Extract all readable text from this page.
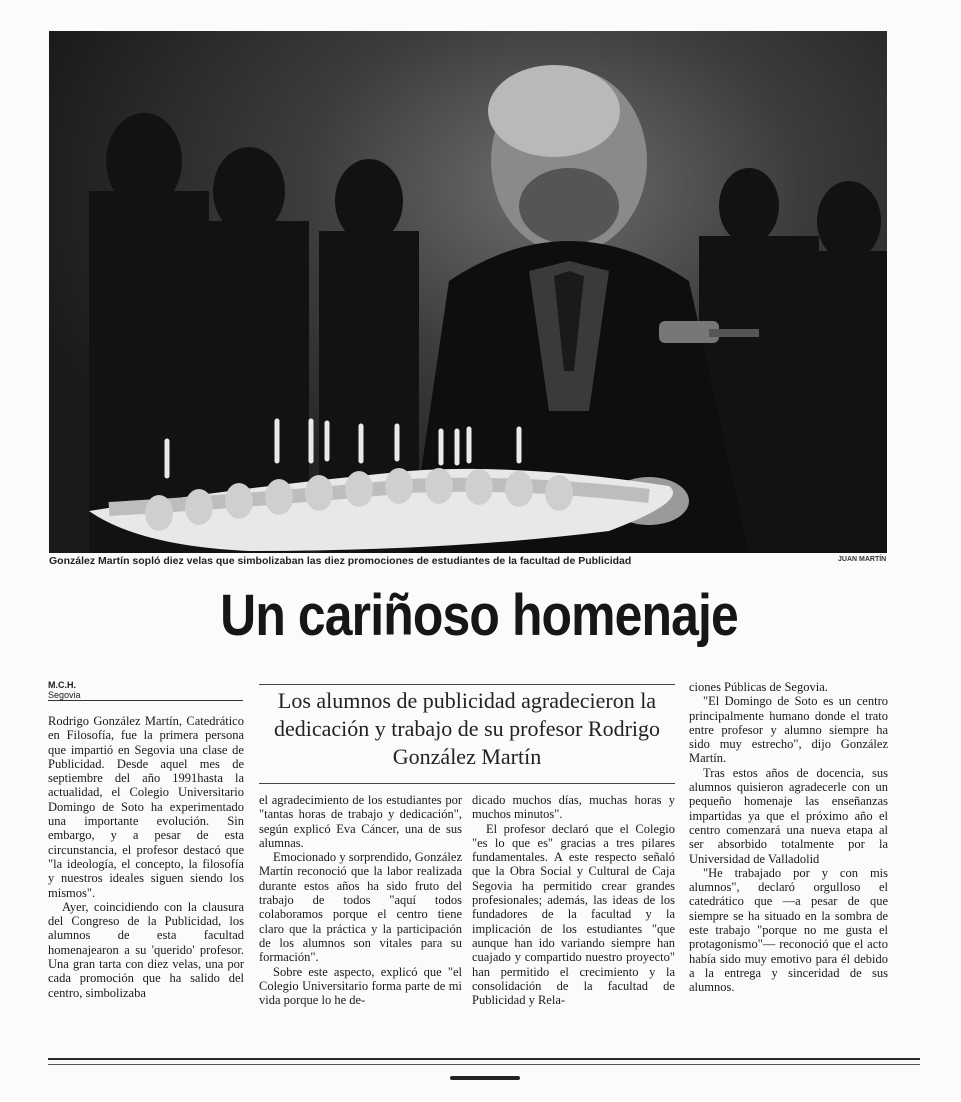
González Martín sopló diez velas que simbolizaban las diez promociones de estudiantes de la facultad de Publicidad	JUAN MARTÍN
Un cariñoso homenaje
M.C.H.
Segovia

Rodrigo González Martín, Catedrático en Filosofía, fue la primera persona que impartió en Segovia una clase de Publicidad. Desde aquel mes de septiembre del año 1991hasta la actualidad, el Colegio Universitario Domingo de Soto ha experimentado una importante evolución. Sin embargo, y a pesar de esta circunstancia, el profesor destacó que "la ideología, el concepto, la filosofía y nuestros ideales siguen siendo los mismos".

Ayer, coincidiendo con la clausura del Congreso de la Publicidad, los alumnos de esta facultad homenajearon a su 'querido' profesor. Una gran tarta con diez velas, una por cada promoción que ha salido del centro, simbolizaba

Los alumnos de publicidad agradecieron la dedicación y trabajo de su profesor Rodrigo González Martín

el agradecimiento de los estudiantes por "tantas horas de trabajo y dedicación", según explicó Eva Cáncer, una de sus alumnas.

Emocionado y sorprendido, González Martín reconoció que la labor realizada durante estos años ha sido fruto del trabajo de todos "aquí todos colaboramos porque el centro tiene claro que la práctica y la participación de los alumnos son vitales para su formación".

Sobre este aspecto, explicó que "el Colegio Universitario forma parte de mi vida porque lo he de-

dicado muchos días, muchas horas y muchos minutos".

El profesor declaró que el Colegio "es lo que es" gracias a tres pilares fundamentales. A este respecto señaló que la Obra Social y Cultural de Caja Segovia ha permitido crear grandes profesionales; además, las ideas de los fundadores de la facultad y la implicación de los estudiantes "que aunque han ido variando siempre han cuajado y compartido nuestro proyecto" han permitido el crecimiento y la consolidación de la facultad de Publicidad y Rela-

ciones Públicas de Segovia.

"El Domingo de Soto es un centro principalmente humano donde el trato entre profesor y alumno siempre ha sido muy estrecho", dijo González Martín.

Tras estos años de docencia, sus alumnos quisieron agradecerle con un pequeño homenaje las enseñanzas impartidas ya que el próximo año el centro comenzará una nueva etapa al ser absorbido totalmente por la Universidad de Valladolid

"He trabajado por y con mis alumnos", declaró orgulloso el catedrático que —a pesar de que siempre se ha situado en la sombra de este trabajo "porque no me gusta el protagonismo"— reconoció que el acto había sido muy emotivo para él debido a la entrega y sinceridad de sus alumnos.
